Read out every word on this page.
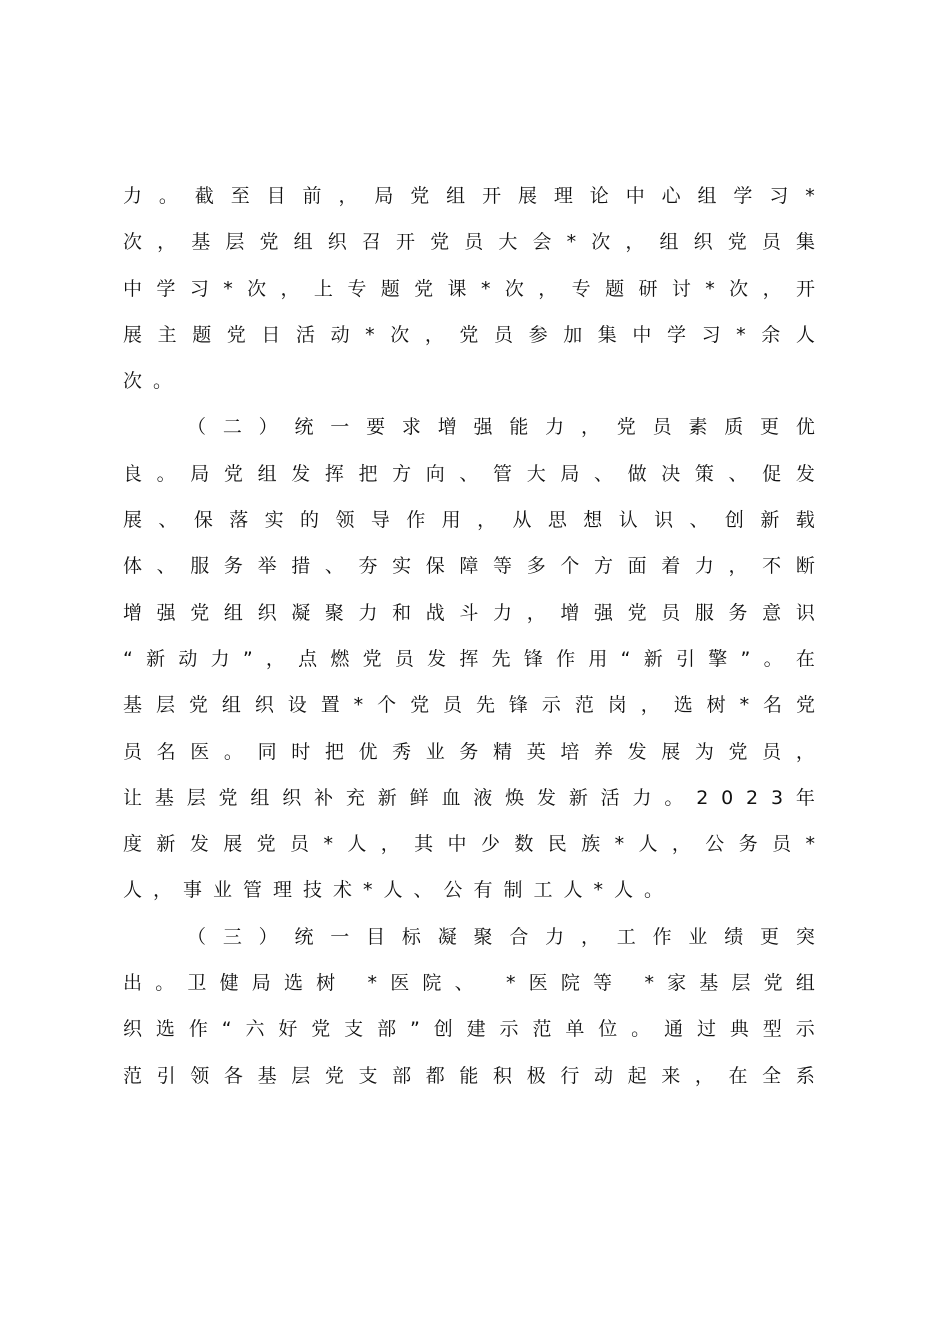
力 。 截 至 目 前 ， 局 党 组 开 展 理 论 中 心 组 学 习 *
次 ， 基 层 党 组 织 召 开 党 员 大 会 * 次 ， 组 织 党 员 集
中 学 习 * 次 ， 上 专 题 党 课 * 次 ， 专 题 研 讨 * 次 ， 开
展 主 题 党 日 活 动 * 次 ， 党 员 参 加 集 中 学 习 * 余 人
次。
（ 二 ） 统 一 要 求 增 强 能 力 ， 党 员 素 质 更 优
良 。 局 党 组 发 挥 把 方 向 、 管 大 局 、 做 决 策 、 促 发
展 、 保 落 实 的 领 导 作 用 ， 从 思 想 认 识 、 创 新 载
体 、 服 务 举 措 、 夯 实 保 障 等 多 个 方 面 着 力 ， 不 断
增 强 党 组 织 凝 聚 力 和 战 斗 力 ， 增 强 党 员 服 务 意 识
“ 新 动 力 ” ， 点 燃 党 员 发 挥 先 锋 作 用 “ 新 引 擎 ” 。 在
基 层 党 组 织 设 置 * 个 党 员 先 锋 示 范 岗 ， 选 树 * 名 党
员 名 医 。 同 时 把 优 秀 业 务 精 英 培 养 发 展 为 党 员 ，
让 基 层 党 组 织 补 充 新 鲜 血 液 焕 发 新 活 力 。 2 0 2 3 年
度 新 发 展 党 员 * 人 ， 其 中 少 数 民 族 * 人 ， 公 务 员 *
人，事业管理技术*人、公有制工人*人。
（ 三 ） 统 一 目 标 凝 聚 合 力 ， 工 作 业 绩 更 突
出 。 卫 健 局 选 树
* 医 院 、
* 医 院 等
* 家 基 层 党 组
织 选 作 “ 六 好 党 支 部 ” 创 建 示 范 单 位 。 通 过 典 型 示
范 引 领 各 基 层 党 支 部 都 能 积 极 行 动 起 来 ， 在 全 系
